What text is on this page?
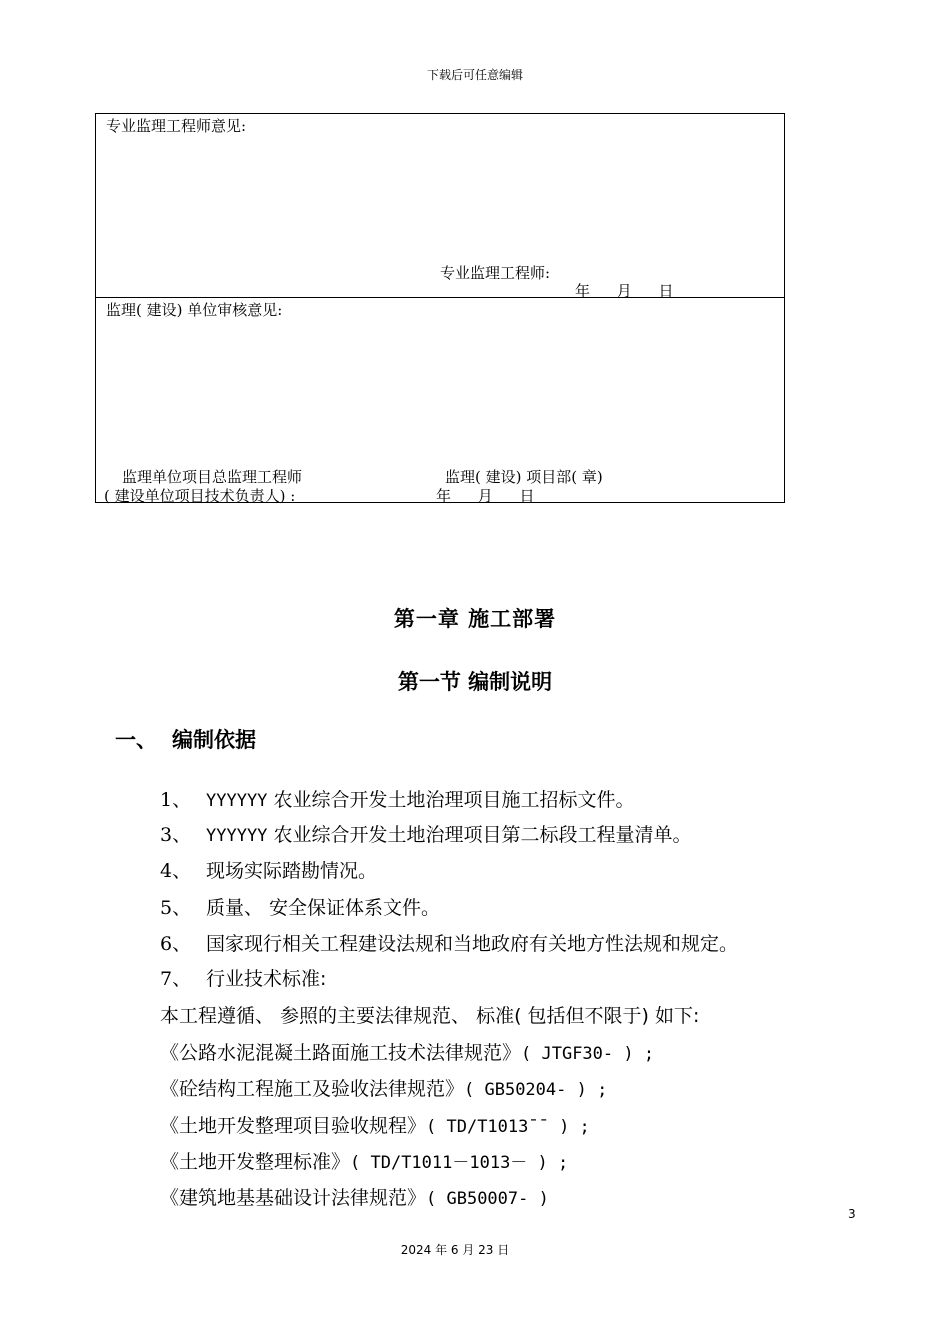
下载后可任意编辑
专业监理工程师意见:
专业监理工程师:
年 月 日
监理( 建设) 单位审核意见:
监理单位项目总监理工程师
( 建设单位项目技术负责人) :
监理( 建设) 项目部( 章)
年 月 日
第一章 施工部署
第一节 编制说明
一、 编制依据
1、 YYYYYY 农业综合开发土地治理项目施工招标文件。
3、 YYYYYY 农业综合开发土地治理项目第二标段工程量清单。
4、 现场实际踏勘情况。
5、 质量、 安全保证体系文件。
6、 国家现行相关工程建设法规和当地政府有关地方性法规和规定。
7、 行业技术标准:
本工程遵循、 参照的主要法律规范、 标准( 包括但不限于) 如下:
《公路水泥混凝土路面施工技术法律规范》( JTGF30- ) ;
《砼结构工程施工及验收法律规范》( GB50204- ) ;
《土地开发整理项目验收规程》( TD/T1013¯¯ ) ;
《土地开发整理标准》( TD/T1011－1013－ ) ;
《建筑地基基础设计法律规范》( GB50007- )
3
2024 年 6 月 23 日
